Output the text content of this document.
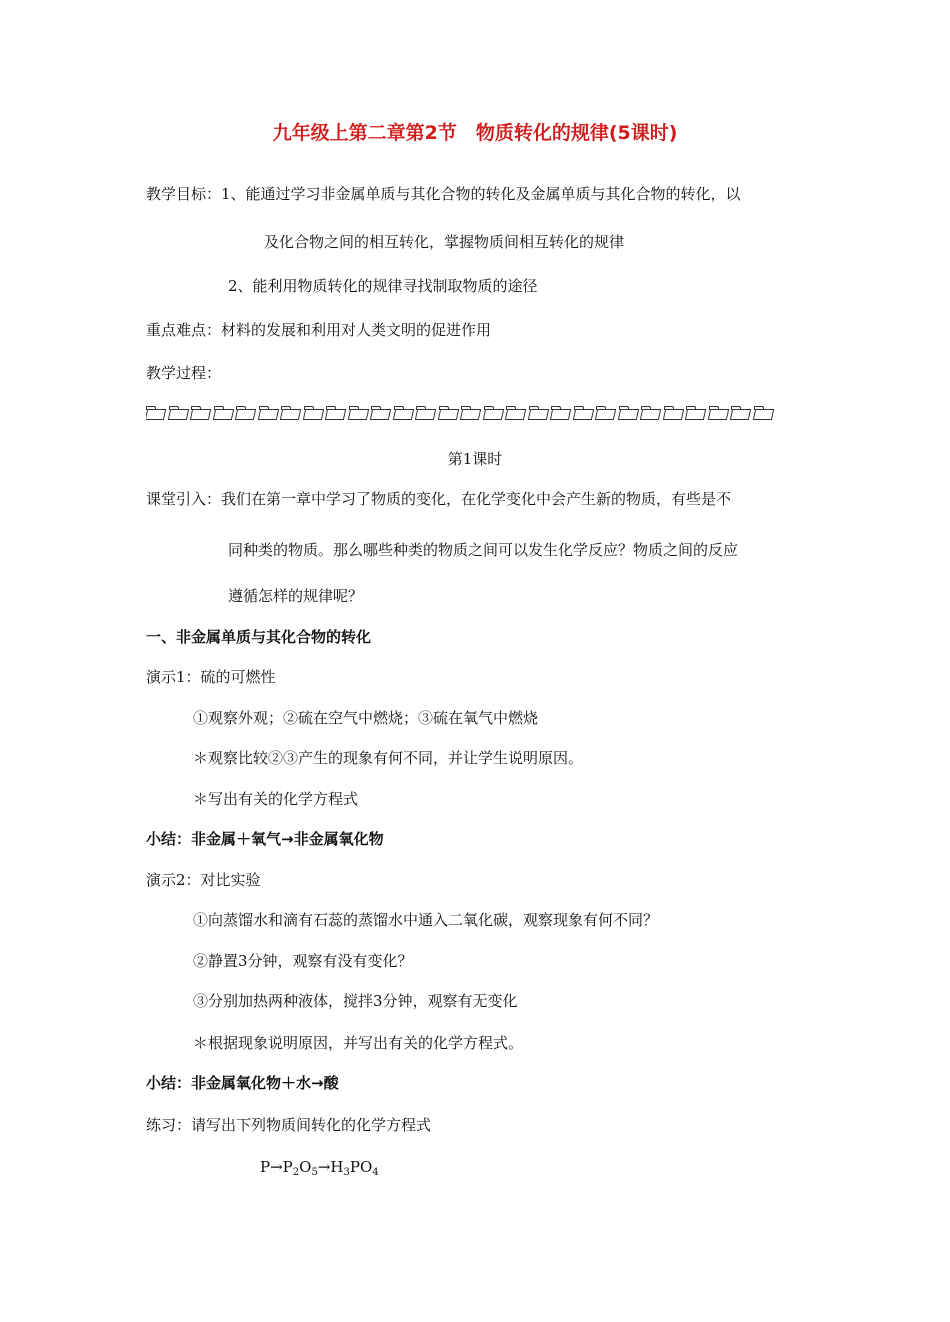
九年级上第二章第2节　物质转化的规律(5课时)
教学目标：1、能通过学习非金属单质与其化合物的转化及金属单质与其化合物的转化，以
及化合物之间的相互转化，掌握物质间相互转化的规律
2、能利用物质转化的规律寻找制取物质的途径
重点难点：材料的发展和利用对人类文明的促进作用
教学过程：
第1课时
课堂引入：我们在第一章中学习了物质的变化，在化学变化中会产生新的物质，有些是不
同种类的物质。那么哪些种类的物质之间可以发生化学反应？物质之间的反应
遵循怎样的规律呢？
一、非金属单质与其化合物的转化
演示1：硫的可燃性
①观察外观；②硫在空气中燃烧；③硫在氧气中燃烧
＊观察比较②③产生的现象有何不同，并让学生说明原因。
＊写出有关的化学方程式
小结：非金属＋氧气→非金属氧化物
演示2：对比实验
①向蒸馏水和滴有石蕊的蒸馏水中通入二氧化碳，观察现象有何不同？
②静置3分钟，观察有没有变化？
③分别加热两种液体，搅拌3分钟，观察有无变化
＊根据现象说明原因，并写出有关的化学方程式。
小结：非金属氧化物＋水→酸
练习：请写出下列物质间转化的化学方程式
$P\to P_2O_5\to H_3PO_4$
